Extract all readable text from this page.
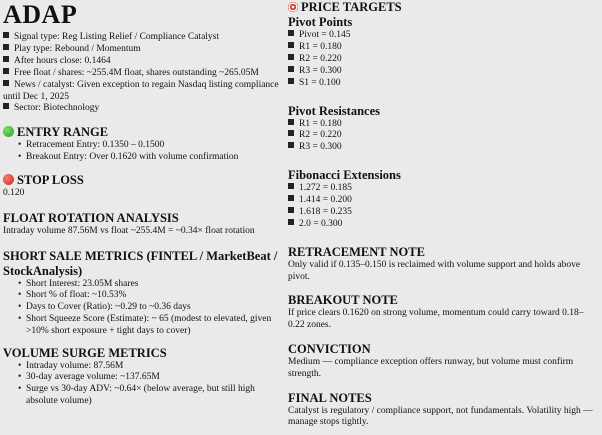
ADAP
Signal type: Reg Listing Relief / Compliance Catalyst
Play type: Rebound / Momentum
After hours close: 0.1464
Free float / shares: ~255.4M float, shares outstanding ~265.05M
News / catalyst: Given exception to regain Nasdaq listing compliance until Dec 1, 2025
Sector: Biotechnology
ENTRY RANGE
• Retracement Entry: 0.1350 – 0.1500
• Breakout Entry: Over 0.1620 with volume confirmation
STOP LOSS
0.120
FLOAT ROTATION ANALYSIS
Intraday volume 87.56M vs float ~255.4M = ~0.34× float rotation
SHORT SALE METRICS (FINTEL / MarketBeat / StockAnalysis)
• Short Interest: 23.05M shares
• Short % of float: ~10.53%
• Days to Cover (Ratio): ~0.29 to ~0.36 days
• Short Squeeze Score (Estimate): ~ 65 (modest to elevated, given >10% short exposure + tight days to cover)
VOLUME SURGE METRICS
• Intraday volume: 87.56M
• 30-day average volume: ~137.65M
• Surge vs 30-day ADV: ~0.64× (below average, but still high absolute volume)
PRICE TARGETS
Pivot Points
Pivot = 0.145
R1 = 0.180
R2 = 0.220
R3 = 0.300
S1 = 0.100
Pivot Resistances
R1 = 0.180
R2 = 0.220
R3 = 0.300
Fibonacci Extensions
1.272 = 0.185
1.414 = 0.200
1.618 = 0.235
2.0 = 0.300
RETRACEMENT NOTE
Only valid if 0.135–0.150 is reclaimed with volume support and holds above pivot.
BREAKOUT NOTE
If price clears 0.1620 on strong volume, momentum could carry toward 0.18–0.22 zones.
CONVICTION
Medium — compliance exception offers runway, but volume must confirm strength.
FINAL NOTES
Catalyst is regulatory / compliance support, not fundamentals. Volatility high — manage stops tightly.
